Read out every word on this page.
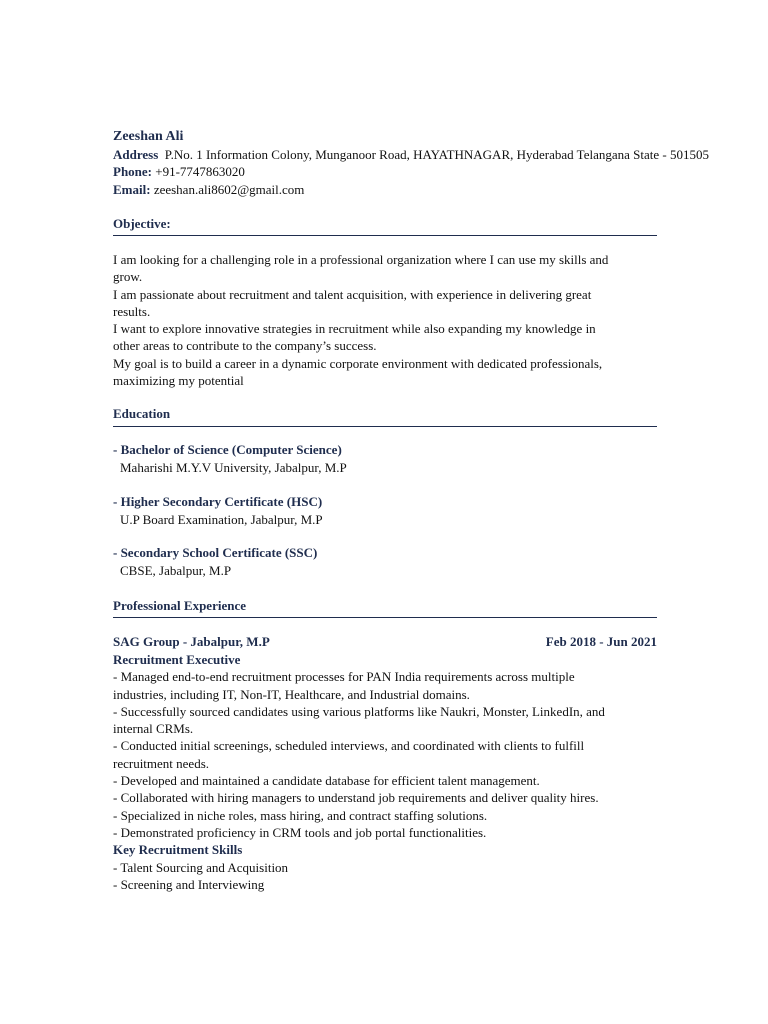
Zeeshan Ali
Address P.No. 1 Information Colony, Munganoor Road, HAYATHNAGAR, Hyderabad Telangana State - 501505
Phone: +91-7747863020
Email: zeeshan.ali8602@gmail.com
Objective:

I am looking for a challenging role in a professional organization where I can use my skills and

grow.

I am passionate about recruitment and talent acquisition, with experience in delivering great

results.

I want to explore innovative strategies in recruitment while also expanding my knowledge in

other areas to contribute to the company’s success.

My goal is to build a career in a dynamic corporate environment with dedicated professionals,

maximizing my potential

Education
- Bachelor of Science (Computer Science)
Maharishi M.Y.V University, Jabalpur, M.P
- Higher Secondary Certificate (HSC)
U.P Board Examination, Jabalpur, M.P
- Secondary School Certificate (SSC)
CBSE, Jabalpur, M.P
Professional Experience
SAG Group - Jabalpur, M.P	Feb 2018 - Jun 2021
Recruitment Executive

- Managed end-to-end recruitment processes for PAN India requirements across multiple

industries, including IT, Non-IT, Healthcare, and Industrial domains.

- Successfully sourced candidates using various platforms like Naukri, Monster, LinkedIn, and

internal CRMs.

- Conducted initial screenings, scheduled interviews, and coordinated with clients to fulfill

recruitment needs.

- Developed and maintained a candidate database for efficient talent management.

- Collaborated with hiring managers to understand job requirements and deliver quality hires.

- Specialized in niche roles, mass hiring, and contract staffing solutions.

- Demonstrated proficiency in CRM tools and job portal functionalities.

Key Recruitment Skills

- Talent Sourcing and Acquisition

- Screening and Interviewing
